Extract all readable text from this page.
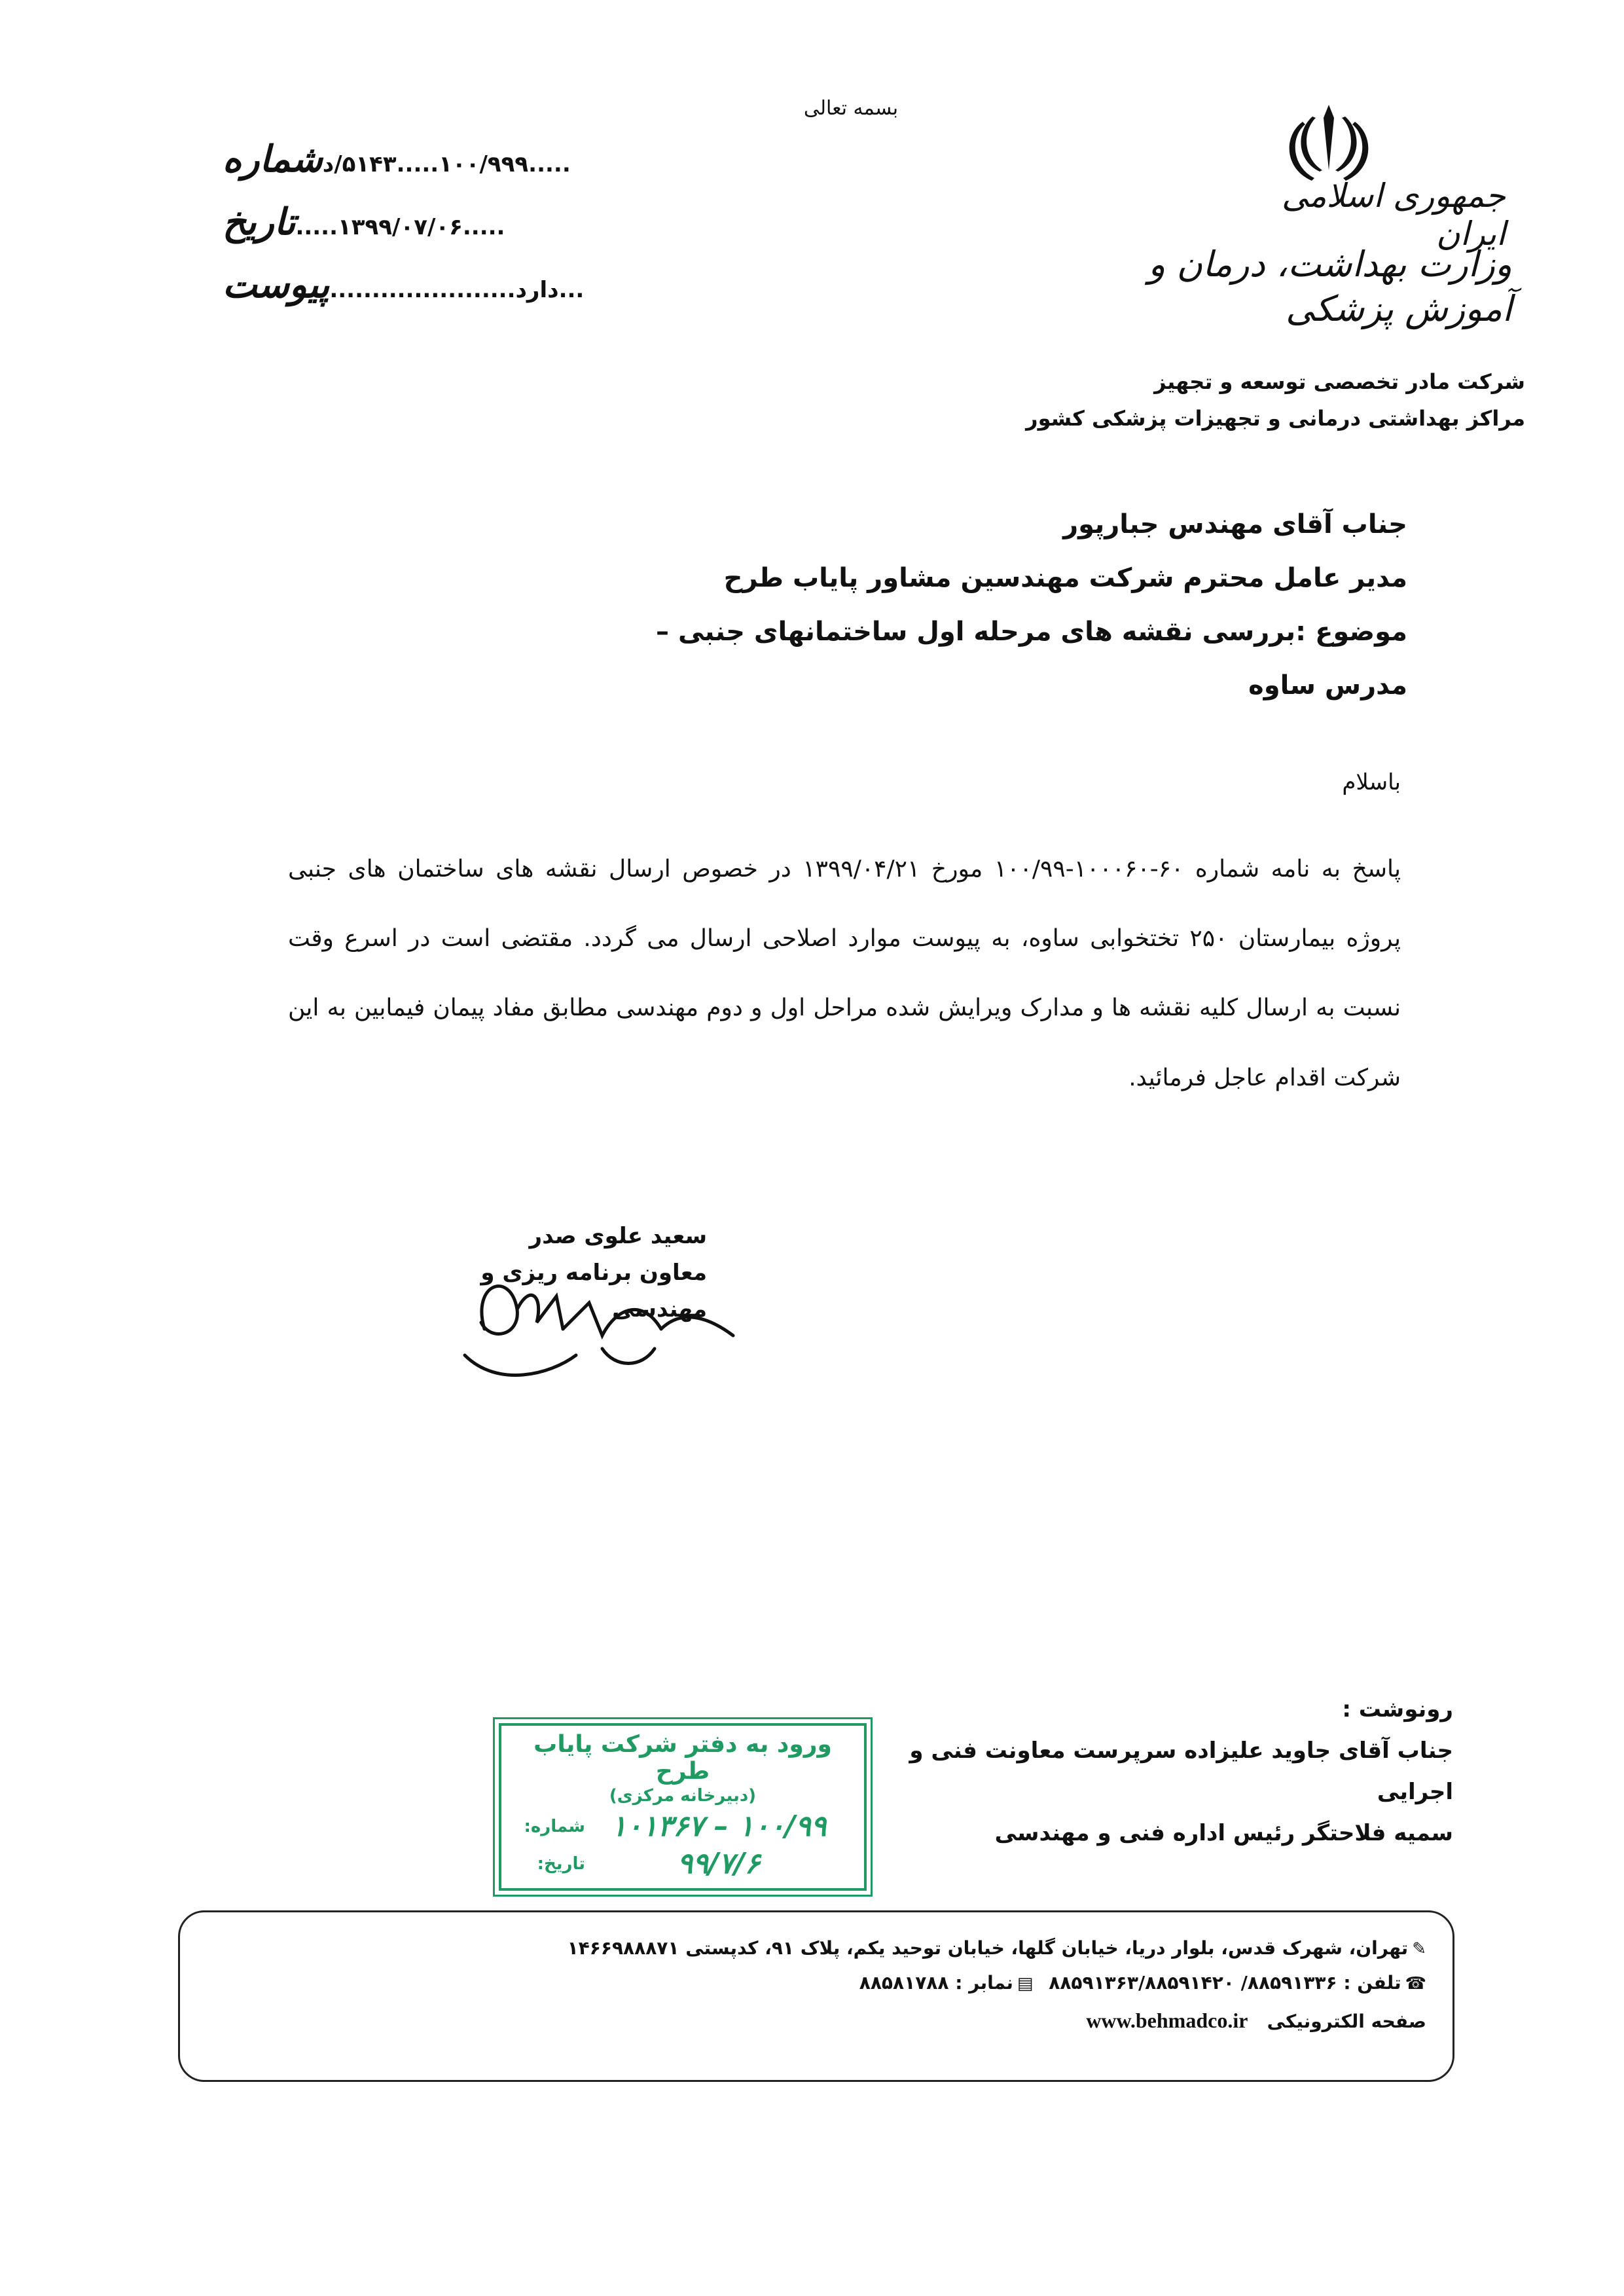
بسمه تعالی
جمهوری اسلامی ایران
وزارت بهداشت، درمان و آموزش پزشکی
شماره .....۱۰۰/۹۹۹.....۵۱۴۳/د
تاریخ .....۱۳۹۹/۰۷/۰۶.....
پیوست ...دارد......................
شرکت مادر تخصصی توسعه و تجهیز
مراکز بهداشتی درمانی و تجهیزات پزشکی کشور
جناب آقای مهندس جبارپور
مدیر عامل محترم شرکت مهندسین مشاور پایاب طرح
موضوع :بررسی نقشه های مرحله اول ساختمانهای جنبی – مدرس ساوه
باسلام
پاسخ به نامه شماره ۶۰-۱۰۰۰۶۰-۱۰۰/۹۹ مورخ ۱۳۹۹/۰۴/۲۱ در خصوص ارسال نقشه های ساختمان های جنبی پروژه بیمارستان ۲۵۰ تختخوابی ساوه، به پیوست موارد اصلاحی ارسال می گردد. مقتضی است در اسرع وقت نسبت به ارسال کلیه نقشه ها و مدارک ویرایش شده مراحل اول و دوم مهندسی مطابق مفاد پیمان فیمابین به این شرکت اقدام عاجل فرمائید.
سعید علوی صدر
معاون برنامه ریزی و مهندسی
رونوشت :
جناب آقای جاوید علیزاده سرپرست معاونت فنی و اجرایی
سمیه فلاحتگر رئیس اداره فنی و مهندسی
ورود به دفتر شرکت پایاب طرح
(دبیرخانه مرکزی)
شماره: ۱۰۰/۹۹ – ۱۰۱۳۶۷
تاریخ:	۹۹/۷/۶
✎تهران، شهرک قدس، بلوار دریا، خیابان گلها، خیابان توحید یکم، پلاک ۹۱، کدپستی ۱۴۶۶۹۸۸۸۷۱
☎تلفن : ۸۸۵۹۱۳۳۶/ ۸۸۵۹۱۳۶۳/۸۸۵۹۱۴۲۰ ▤نمابر : ۸۸۵۸۱۷۸۸
صفحه الکترونیکی   www.behmadco.ir
